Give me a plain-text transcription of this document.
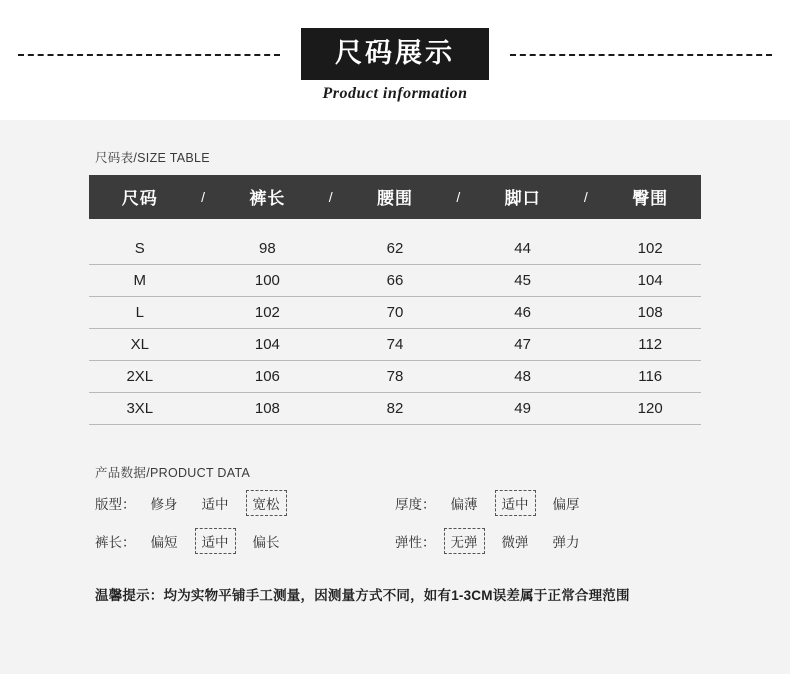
尺码展示
Product information
尺码表/SIZE TABLE
尺码	/	裤长	/	腰围	/	脚口	/	臀围

S		98		62		44		102
M		100		66		45		104
L		102		70		46		108
XL		104		74		47		112
2XL		106		78		48		116
3XL		108		82		49		120
产品数据/PRODUCT DATA
版型：	修身	适中	宽松	厚度：	偏薄	适中	偏厚
裤长：	偏短	适中	偏长	弹性：	无弹	微弹	弹力
温馨提示：均为实物平铺手工测量，因测量方式不同，如有1-3CM误差属于正常合理范围
